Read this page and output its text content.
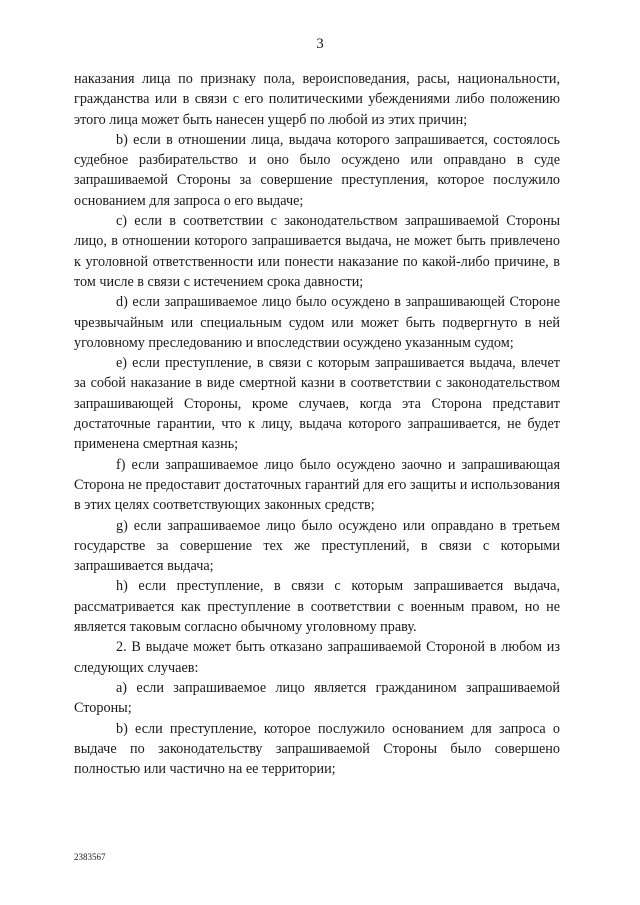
3

наказания лица по признаку пола, вероисповедания, расы, национальности, гражданства или в связи с его политическими убеждениями либо положению этого лица может быть нанесен ущерб по любой из этих причин;

b) если в отношении лица, выдача которого запрашивается, состоялось судебное разбирательство и оно было осуждено или оправдано в суде запрашиваемой Стороны за совершение преступления, которое послужило основанием для запроса о его выдаче;

c) если в соответствии с законодательством запрашиваемой Стороны лицо, в отношении которого запрашивается выдача, не может быть привлечено к уголовной ответственности или понести наказание по какой-либо причине, в том числе в связи с истечением срока давности;

d) если запрашиваемое лицо было осуждено в запрашивающей Стороне чрезвычайным или специальным судом или может быть подвергнуто в ней уголовному преследованию и впоследствии осуждено указанным судом;

e) если преступление, в связи с которым запрашивается выдача, влечет за собой наказание в виде смертной казни в соответствии с законодательством запрашивающей Стороны, кроме случаев, когда эта Сторона представит достаточные гарантии, что к лицу, выдача которого запрашивается, не будет применена смертная казнь;

f) если запрашиваемое лицо было осуждено заочно и запрашивающая Сторона не предоставит достаточных гарантий для его защиты и использования в этих целях соответствующих законных средств;

g) если запрашиваемое лицо было осуждено или оправдано в третьем государстве за совершение тех же преступлений, в связи с которыми запрашивается выдача;

h) если преступление, в связи с которым запрашивается выдача, рассматривается как преступление в соответствии с военным правом, но не является таковым согласно обычному уголовному праву.

2. В выдаче может быть отказано запрашиваемой Стороной в любом из следующих случаев:

a) если запрашиваемое лицо является гражданином запрашиваемой Стороны;

b) если преступление, которое послужило основанием для запроса о выдаче по законодательству запрашиваемой Стороны было совершено полностью или частично на ее территории;

2383567
